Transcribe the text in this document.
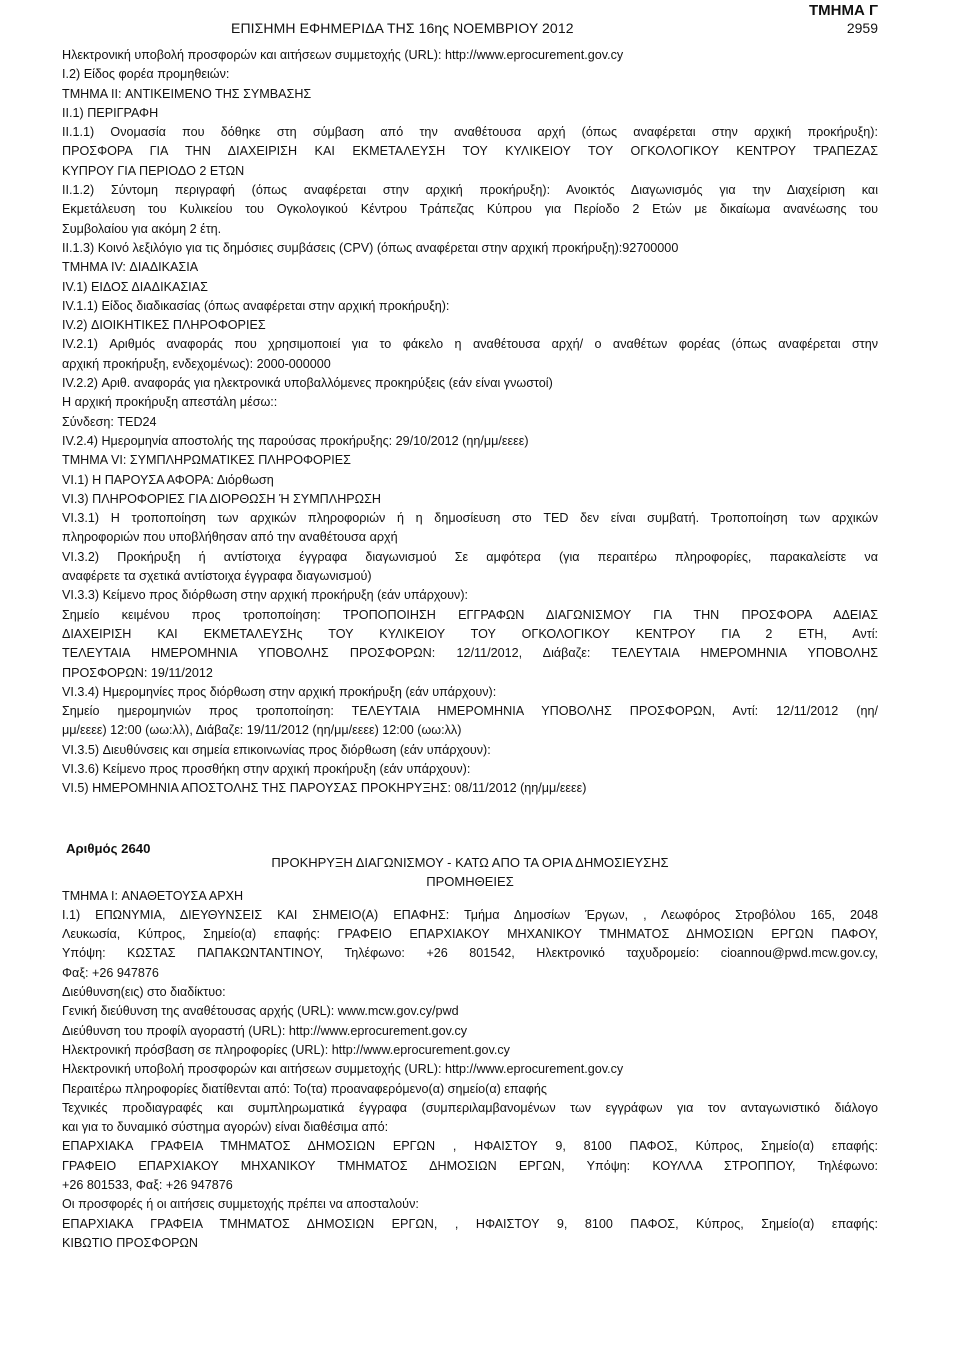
ΕΠΙΣΗΜΗ ΕΦΗΜΕΡΙΔΑ ΤΗΣ 16ης ΝΟΕΜΒΡΙΟΥ 2012
ΤΜΗΜΑ Γ
2959
Ηλεκτρονική υποβολή προσφορών και αιτήσεων συμμετοχής (URL): http://www.eprocurement.gov.cy
I.2) Είδος φορέα προμηθειών:
ΤΜΗΜΑ II: ΑΝΤΙΚΕΙΜΕΝΟ ΤΗΣ ΣΥΜΒΑΣΗΣ
II.1) ΠΕΡΙΓΡΑΦΗ
II.1.1) Ονομασία που δόθηκε στη σύμβαση από την αναθέτουσα αρχή (όπως αναφέρεται στην αρχική προκήρυξη):
ΠΡΟΣΦΟΡΑ ΓΙΑ ΤΗΝ ΔΙΑΧΕΙΡΙΣΗ ΚΑΙ ΕΚΜΕΤΑΛΕΥΣΗ ΤΟΥ ΚΥΛΙΚΕΙΟΥ ΤΟΥ ΟΓΚΟΛΟΓΙΚΟΥ ΚΕΝΤΡΟΥ ΤΡΑΠΕΖΑΣ
ΚΥΠΡΟΥ ΓΙΑ ΠΕΡΙΟΔΟ 2 ΕΤΩΝ
II.1.2) Σύντομη περιγραφή (όπως αναφέρεται στην αρχική προκήρυξη): Ανοικτός Διαγωνισμός για την Διαχείριση και
Εκμετάλευση του Κυλικείου του Ογκολογικού Κέντρου Τράπεζας Κύπρου για Περίοδο 2 Ετών με δικαίωμα ανανέωσης του
Συμβολαίου για ακόμη 2 έτη.
II.1.3) Κοινό λεξιλόγιο για τις δημόσιες συμβάσεις (CPV) (όπως αναφέρεται στην αρχική προκήρυξη):92700000
ΤΜΗΜΑ IV: ΔΙΑΔΙΚΑΣΙΑ
IV.1) ΕΙΔΟΣ ΔΙΑΔΙΚΑΣΙΑΣ
IV.1.1) Είδος διαδικασίας (όπως αναφέρεται στην αρχική προκήρυξη):
IV.2) ΔΙΟΙΚΗΤΙΚΕΣ ΠΛΗΡΟΦΟΡΙΕΣ
IV.2.1) Αριθμός αναφοράς που χρησιμοποιεί για το φάκελο η αναθέτουσα αρχή/ ο αναθέτων φορέας (όπως αναφέρεται στην
αρχική προκήρυξη, ενδεχομένως): 2000-000000
IV.2.2) Αριθ. αναφοράς για ηλεκτρονικά υποβαλλόμενες προκηρύξεις (εάν είναι γνωστοί)
Η αρχική προκήρυξη απεστάλη μέσω::
Σύνδεση: TED24
IV.2.4) Ημερομηνία αποστολής της παρούσας προκήρυξης: 29/10/2012 (ηη/μμ/εεεε)
ΤΜΗΜΑ VI: ΣΥΜΠΛΗΡΩΜΑΤΙΚΕΣ ΠΛΗΡΟΦΟΡΙΕΣ
VI.1) Η ΠΑΡΟΥΣΑ ΑΦΟΡΑ: Διόρθωση
VI.3) ΠΛΗΡΟΦΟΡΙΕΣ ΓΙΑ ΔΙΟΡΘΩΣΗ Ή ΣΥΜΠΛΗΡΩΣΗ
VI.3.1) Η τροποποίηση των αρχικών πληροφοριών ή η δημοσίευση στο TED δεν είναι συμβατή. Τροποποίηση των αρχικών
πληροφοριών που υποβλήθησαν από την αναθέτουσα αρχή
VI.3.2) Προκήρυξη ή αντίστοιχα έγγραφα διαγωνισμού Σε αμφότερα (για περαιτέρω πληροφορίες, παρακαλείστε να
αναφέρετε τα σχετικά αντίστοιχα έγγραφα διαγωνισμού)
VI.3.3) Κείμενο προς διόρθωση στην αρχική προκήρυξη (εάν υπάρχουν):
Σημείο κειμένου προς τροποποίηση: ΤΡΟΠΟΠΟΙΗΣΗ ΕΓΓΡΑΦΩΝ ΔΙΑΓΩΝΙΣΜΟΥ ΓΙΑ ΤΗΝ ΠΡΟΣΦΟΡΑ ΑΔΕΙΑΣ
ΔΙΑΧΕΙΡΙΣΗ ΚΑΙ ΕΚΜΕΤΑΛΕΥΣΗς ΤΟΥ ΚΥΛΙΚΕΙΟΥ ΤΟΥ ΟΓΚΟΛΟΓΙΚΟΥ ΚΕΝΤΡΟΥ ΓΙΑ 2 ΕΤΗ, Αντί:
ΤΕΛΕΥΤΑΙΑ ΗΜΕΡΟΜΗΝΙΑ ΥΠΟΒΟΛΗΣ ΠΡΟΣΦΟΡΩΝ: 12/11/2012, Διάβαζε: ΤΕΛΕΥΤΑΙΑ ΗΜΕΡΟΜΗΝΙΑ ΥΠΟΒΟΛΗΣ
ΠΡΟΣΦΟΡΩΝ: 19/11/2012
VI.3.4) Ημερομηνίες προς διόρθωση στην αρχική προκήρυξη (εάν υπάρχουν):
Σημείο ημερομηνιών προς τροποποίηση: ΤΕΛΕΥΤΑΙΑ ΗΜΕΡΟΜΗΝΙΑ ΥΠΟΒΟΛΗΣ ΠΡΟΣΦΟΡΩΝ, Αντί: 12/11/2012 (ηη/
μμ/εεεε) 12:00 (ωω:λλ), Διάβαζε: 19/11/2012 (ηη/μμ/εεεε) 12:00 (ωω:λλ)
VI.3.5) Διευθύνσεις και σημεία επικοινωνίας προς διόρθωση (εάν υπάρχουν):
VI.3.6) Κείμενο προς προσθήκη στην αρχική προκήρυξη (εάν υπάρχουν):
VI.5) ΗΜΕΡΟΜΗΝΙΑ ΑΠΟΣΤΟΛΗΣ ΤΗΣ ΠΑΡΟΥΣΑΣ ΠΡΟΚΗΡΥΞΗΣ: 08/11/2012 (ηη/μμ/εεεε)
Αριθμός 2640
ΠΡΟΚΗΡΥΞΗ ΔΙΑΓΩΝΙΣΜΟΥ - ΚΑΤΩ ΑΠΟ ΤΑ ΟΡΙΑ ΔΗΜΟΣΙΕΥΣΗΣ
ΠΡΟΜΗΘΕΙΕΣ
ΤΜΗΜΑ I: ΑΝΑΘΕΤΟΥΣΑ ΑΡΧΗ
I.1) ΕΠΩΝΥΜΙΑ, ΔΙΕΥΘΥΝΣΕΙΣ ΚΑΙ ΣΗΜΕΙΟ(Α) ΕΠΑΦΗΣ: Τμήμα Δημοσίων Έργων, , Λεωφόρος Στροβόλου 165, 2048
Λευκωσία, Κύπρος, Σημείο(α) επαφής: ΓΡΑΦΕΙΟ ΕΠΑΡΧΙΑΚΟΥ ΜΗΧΑΝΙΚΟΥ ΤΜΗΜΑΤΟΣ ΔΗΜΟΣΙΩΝ ΕΡΓΩΝ ΠΑΦΟΥ,
Υπόψη: ΚΩΣΤΑΣ ΠΑΠΑΚΩΝΤΑΝΤΙΝΟΥ, Τηλέφωνο: +26 801542, Ηλεκτρονικό ταχυδρομείο: cioannou@pwd.mcw.gov.cy,
Φαξ: +26 947876
Διεύθυνση(εις) στο διαδίκτυο:
Γενική διεύθυνση της αναθέτουσας αρχής (URL): www.mcw.gov.cy/pwd
Διεύθυνση του προφίλ αγοραστή (URL): http://www.eprocurement.gov.cy
Ηλεκτρονική πρόσβαση σε πληροφορίες (URL): http://www.eprocurement.gov.cy
Ηλεκτρονική υποβολή προσφορών και αιτήσεων συμμετοχής (URL): http://www.eprocurement.gov.cy
Περαιτέρω πληροφορίες διατίθενται από: Το(τα) προαναφερόμενο(α) σημείο(α) επαφής
Τεχνικές προδιαγραφές και συμπληρωματικά έγγραφα (συμπεριλαμβανομένων των εγγράφων για τον ανταγωνιστικό διάλογο
και για το δυναμικό σύστημα αγορών) είναι διαθέσιμα από:
ΕΠΑΡΧΙΑΚΑ ΓΡΑΦΕΙΑ ΤΜΗΜΑΤΟΣ ΔΗΜΟΣΙΩΝ ΕΡΓΩΝ , ΗΦΑΙΣΤΟΥ 9, 8100 ΠΑΦΟΣ, Κύπρος, Σημείο(α) επαφής:
ΓΡΑΦΕΙΟ ΕΠΑΡΧΙΑΚΟΥ ΜΗΧΑΝΙΚΟΥ ΤΜΗΜΑΤΟΣ ΔΗΜΟΣΙΩΝ ΕΡΓΩΝ, Υπόψη: ΚΟΥΛΛΑ ΣΤΡΟΠΠΟΥ, Τηλέφωνο:
+26 801533, Φαξ: +26 947876
Οι προσφορές ή οι αιτήσεις συμμετοχής πρέπει να αποσταλούν:
ΕΠΑΡΧΙΑΚΑ ΓΡΑΦΕΙΑ ΤΜΗΜΑΤΟΣ ΔΗΜΟΣΙΩΝ ΕΡΓΩΝ, , ΗΦΑΙΣΤΟΥ 9, 8100 ΠΑΦΟΣ, Κύπρος, Σημείο(α) επαφής:
ΚΙΒΩΤΙΟ ΠΡΟΣΦΟΡΩΝ
